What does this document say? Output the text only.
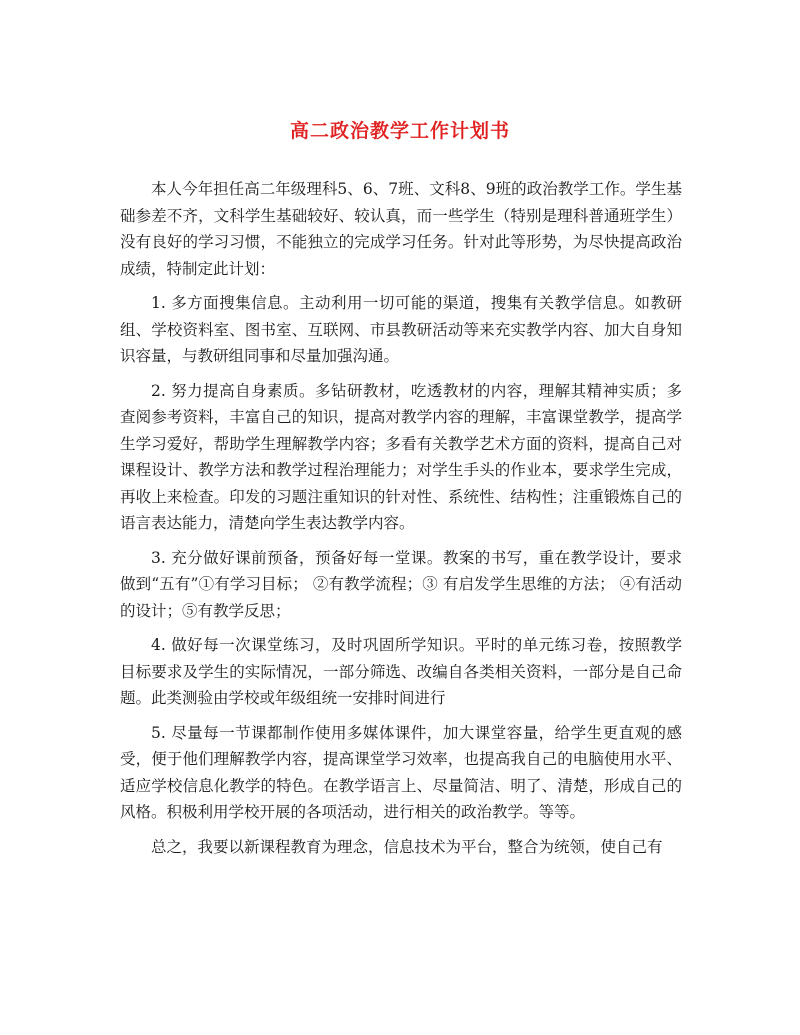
高二政治教学工作计划书

本人今年担任高二年级理科5、6、7班、文科8、9班的政治教学工作。学生基础参差不齐，文科学生基础较好、较认真，而一些学生（特别是理科普通班学生）没有良好的学习习惯，不能独立的完成学习任务。针对此等形势，为尽快提高政治成绩，特制定此计划：

1. 多方面搜集信息。主动利用一切可能的渠道，搜集有关教学信息。如教研组、学校资料室、图书室、互联网、市县教研活动等来充实教学内容、加大自身知识容量，与教研组同事和尽量加强沟通。

2. 努力提高自身素质。多钻研教材，吃透教材的内容，理解其精神实质；多查阅参考资料，丰富自己的知识，提高对教学内容的理解，丰富课堂教学，提高学生学习爱好，帮助学生理解教学内容；多看有关教学艺术方面的资料，提高自己对课程设计、教学方法和教学过程治理能力；对学生手头的作业本，要求学生完成，再收上来检查。印发的习题注重知识的针对性、系统性、结构性；注重锻炼自己的语言表达能力，清楚向学生表达教学内容。

3. 充分做好课前预备，预备好每一堂课。教案的书写，重在教学设计，要求做到“五有”①有学习目标； ②有教学流程；③ 有启发学生思维的方法； ④有活动的设计；⑤有教学反思；

4. 做好每一次课堂练习，及时巩固所学知识。平时的单元练习卷，按照教学目标要求及学生的实际情况，一部分筛选、改编自各类相关资料，一部分是自己命题。此类测验由学校或年级组统一安排时间进行

5. 尽量每一节课都制作使用多媒体课件，加大课堂容量，给学生更直观的感受，便于他们理解教学内容，提高课堂学习效率，也提高我自己的电脑使用水平、适应学校信息化教学的特色。在教学语言上、尽量简洁、明了、清楚，形成自己的风格。积极利用学校开展的各项活动，进行相关的政治教学。等等。

总之，我要以新课程教育为理念，信息技术为平台，整合为统领，使自己有
